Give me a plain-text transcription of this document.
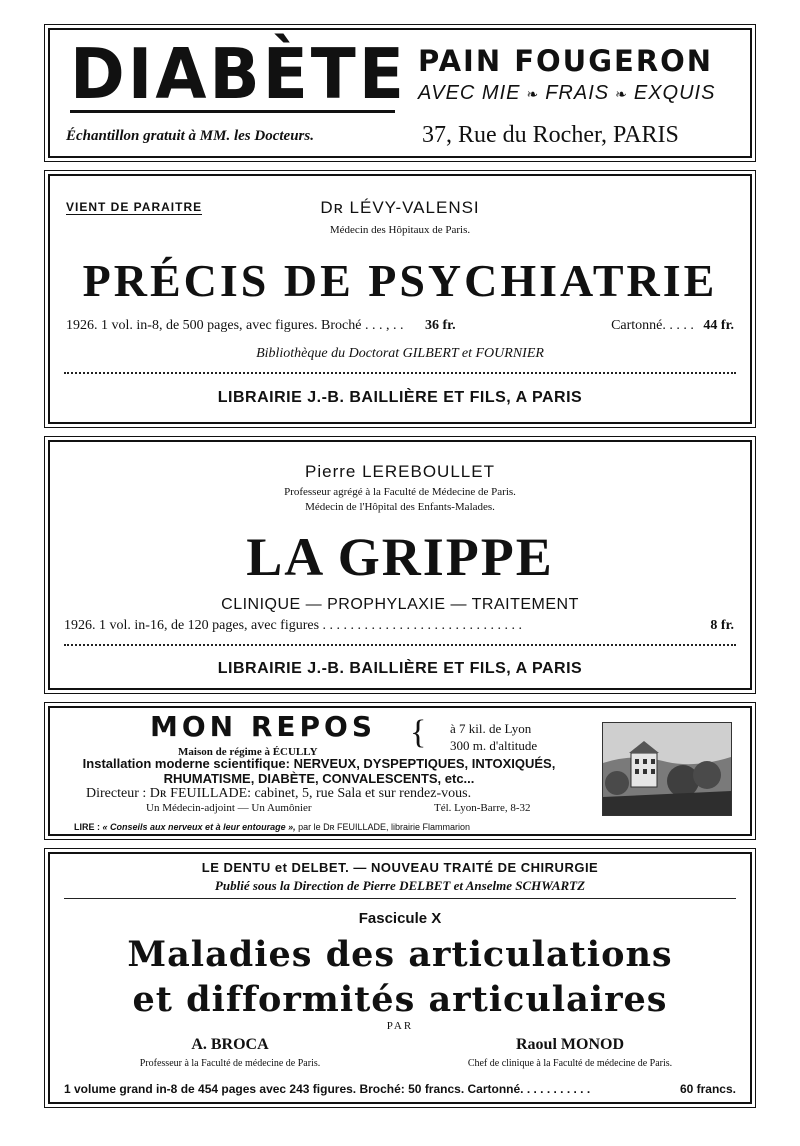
DIABÈTE PAIN FOUGERON
AVEC MIE ❧ FRAIS ❧ EXQUIS
Échantillon gratuit à MM. les Docteurs.	37, Rue du Rocher, PARIS
VIENT DE PARAITRE	Dʀ LÉVY-VALENSI
Médecin des Hôpitaux de Paris.
PRÉCIS DE PSYCHIATRIE
1926. 1 vol. in-8, de 500 pages, avec figures. Broché . . . , . . 36 fr.	Cartonné. . . . . 44 fr.
Bibliothèque du Doctorat GILBERT et FOURNIER
LIBRAIRIE J.-B. BAILLIÈRE ET FILS, A PARIS
Pierre LEREBOULLET
Professeur agrégé à la Faculté de Médecine de Paris.
Médecin de l'Hôpital des Enfants-Malades.
LA GRIPPE
CLINIQUE — PROPHYLAXIE — TRAITEMENT
1926. 1 vol. in-16, de 120 pages, avec figures . . . . . . . . . . . . . . . . . . . . . . . . . . . . .	8 fr.
LIBRAIRIE J.-B. BAILLIÈRE ET FILS, A PARIS
MON REPOS { à 7 kil. de Lyon
300 m. d'altitude
Maison de régime à ÉCULLY
Installation moderne scientifique: NERVEUX, DYSPEPTIQUES, INTOXIQUÉS, RHUMATISME, DIABÈTE, CONVALESCENTS, etc...
Directeur : Dʀ FEUILLADE: cabinet, 5, rue Sala et sur rendez-vous.
Un Médecin-adjoint — Un Aumônier	Tél. Lyon-Barre, 8-32
LIRE : « Conseils aux nerveux et à leur entourage », par le Dʀ FEUILLADE, librairie Flammarion
LE DENTU et DELBET. — NOUVEAU TRAITÉ DE CHIRURGIE
Publié sous la Direction de Pierre DELBET et Anselme SCHWARTZ
Fascicule X
Maladies des articulations
et difformités articulaires
PAR
A. BROCA
Professeur à la Faculté de médecine de Paris.
Raoul MONOD
Chef de clinique à la Faculté de médecine de Paris.
1 volume grand in-8 de 454 pages avec 243 figures. Broché: 50 francs. Cartonné. . . . . . . . . . .	60 francs.
